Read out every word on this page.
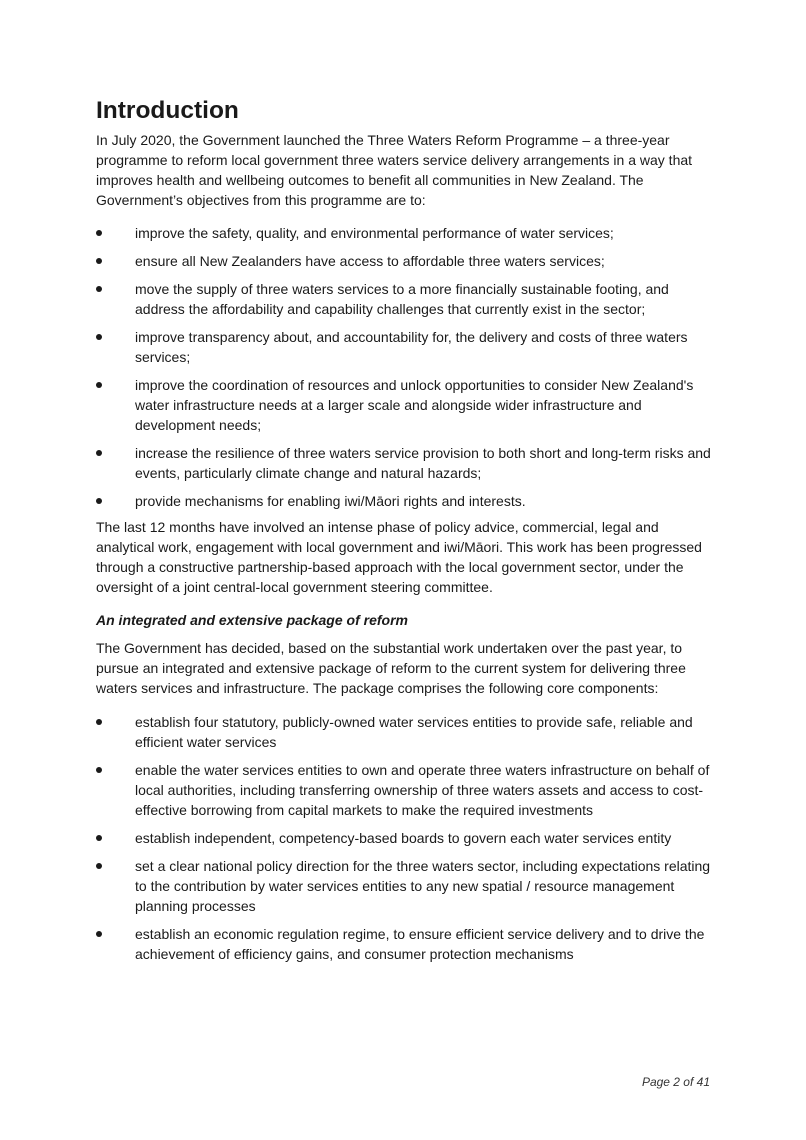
Introduction

In July 2020, the Government launched the Three Waters Reform Programme – a three-year programme to reform local government three waters service delivery arrangements in a way that improves health and wellbeing outcomes to benefit all communities in New Zealand. The Government’s objectives from this programme are to:

improve the safety, quality, and environmental performance of water services;
ensure all New Zealanders have access to affordable three waters services;
move the supply of three waters services to a more financially sustainable footing, and address the affordability and capability challenges that currently exist in the sector;
improve transparency about, and accountability for, the delivery and costs of three waters services;
improve the coordination of resources and unlock opportunities to consider New Zealand's water infrastructure needs at a larger scale and alongside wider infrastructure and development needs;
increase the resilience of three waters service provision to both short and long-term risks and events, particularly climate change and natural hazards;
provide mechanisms for enabling iwi/Māori rights and interests.

The last 12 months have involved an intense phase of policy advice, commercial, legal and analytical work, engagement with local government and iwi/Māori. This work has been progressed through a constructive partnership-based approach with the local government sector, under the oversight of a joint central-local government steering committee.

An integrated and extensive package of reform

The Government has decided, based on the substantial work undertaken over the past year, to pursue an integrated and extensive package of reform to the current system for delivering three waters services and infrastructure. The package comprises the following core components:

establish four statutory, publicly-owned water services entities to provide safe, reliable and efficient water services
enable the water services entities to own and operate three waters infrastructure on behalf of local authorities, including transferring ownership of three waters assets and access to cost-effective borrowing from capital markets to make the required investments
establish independent, competency-based boards to govern each water services entity
set a clear national policy direction for the three waters sector, including expectations relating to the contribution by water services entities to any new spatial / resource management planning processes
establish an economic regulation regime, to ensure efficient service delivery and to drive the achievement of efficiency gains, and consumer protection mechanisms
Page 2 of 41
